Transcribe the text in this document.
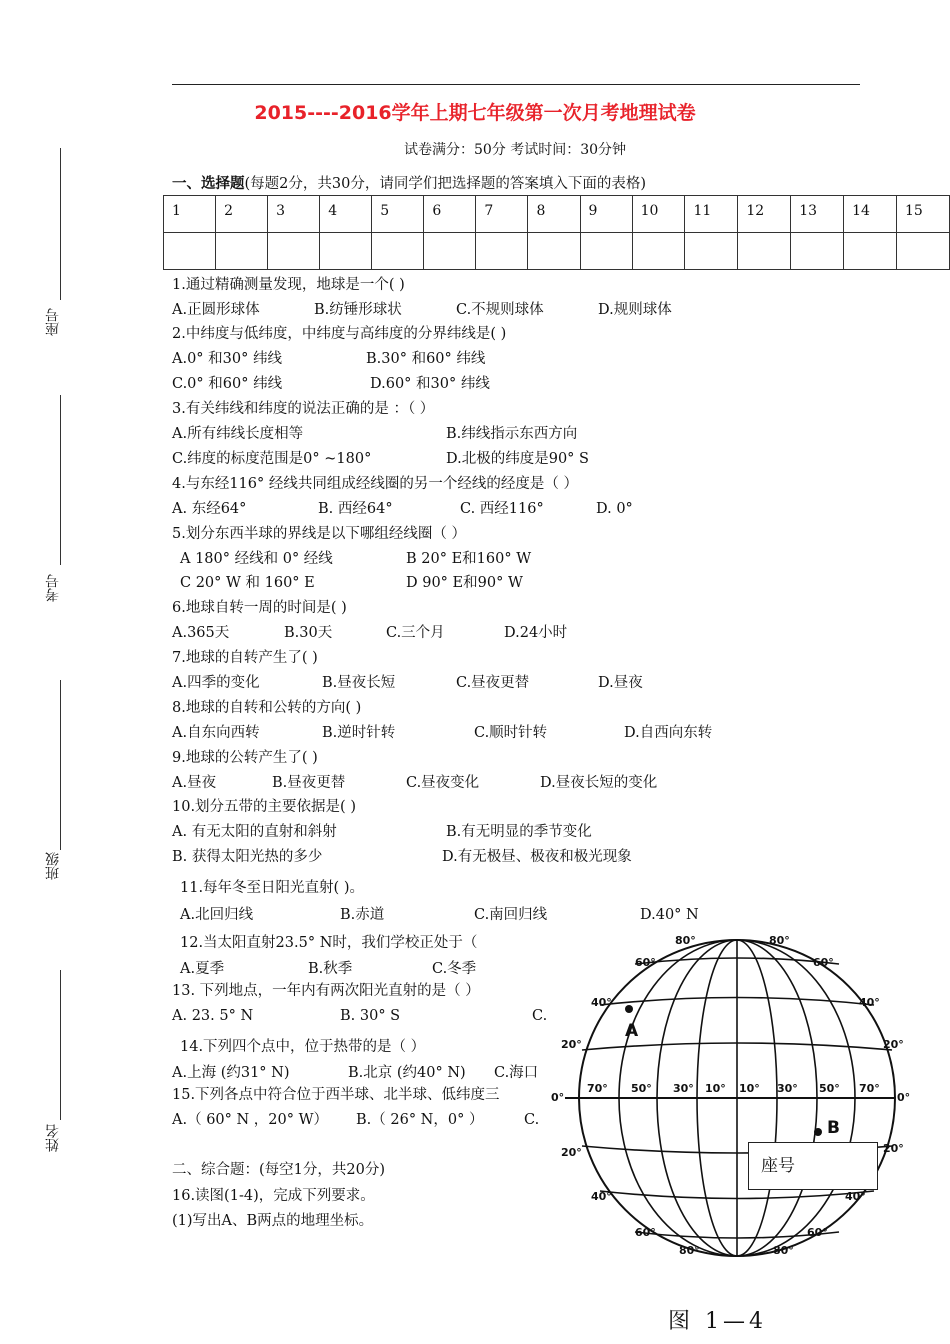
2015----2016学年上期七年级第一次月考地理试卷
试卷满分：50分 考试时间：30分钟
座号
考号
班级
姓名
一、选择题(每题2分，共30分，请同学们把选择题的答案填入下面的表格)
1	2	3	4	5	6	7	8	9	10	11	12	13	14	15

1.通过精确测量发现，地球是一个( )
A.正圆形球体	B.纺锤形球状	C.不规则球体	D.规则球体
2.中纬度与低纬度，中纬度与高纬度的分界纬线是( )
A.0° 和30° 纬线	B.30° 和60° 纬线
C.0° 和60° 纬线	D.60° 和30° 纬线
3.有关纬线和纬度的说法正确的是 ：（ ）
A.所有纬线长度相等	B.纬线指示东西方向
C.纬度的标度范围是0° ~180°	D.北极的纬度是90° S
4.与东经116° 经线共同组成经线圈的另一个经线的经度是（ ）
A. 东经64°	B. 西经64°	C. 西经116°	D. 0°
5.划分东西半球的界线是以下哪组经线圈（ ）
A 180° 经线和 0° 经线	B 20° E和160° W
C 20° W 和 160° E	D 90° E和90° W
6.地球自转一周的时间是( )
A.365天	B.30天	C.三个月	D.24小时
7.地球的自转产生了( )
A.四季的变化	B.昼夜长短	C.昼夜更替	D.昼夜
8.地球的自转和公转的方向( )
A.自东向西转	B.逆时针转	C.顺时针转	D.自西向东转
9.地球的公转产生了( )
A.昼夜	B.昼夜更替	C.昼夜变化	D.昼夜长短的变化
10.划分五带的主要依据是( )
A. 有无太阳的直射和斜射	B.有无明显的季节变化
B. 获得太阳光热的多少	D.有无极昼、极夜和极光现象
11.每年冬至日阳光直射( )。
A.北回归线	B.赤道	C.南回归线	D.40° N
12.当太阳直射23.5° N时，我们学校正处于（
A.夏季	B.秋季	C.冬季
13. 下列地点，一年内有两次阳光直射的是（ ）
A. 23. 5° N	B. 30° S	C.
14.下列四个点中，位于热带的是（ ）
A.上海 (约31° N)	B.北京 (约40° N) C.海口
15.下列各点中符合位于西半球、北半球、低纬度三
A.（ 60° N ，20° W） B.（ 26° N，0° ）	C.
二、综合题：(每空1分，共20分)
16.读图(1-4)，完成下列要求。
(1)写出A、B两点的地理坐标。
A
B
80°	80°
60°
40°
20°
0°
20°
40°
60°
60°
40°
20°
0°
20°
40°
60°
80°	80°
70° 50° 30° 10° 10° 30° 50° 70°
座号
图 1—4
